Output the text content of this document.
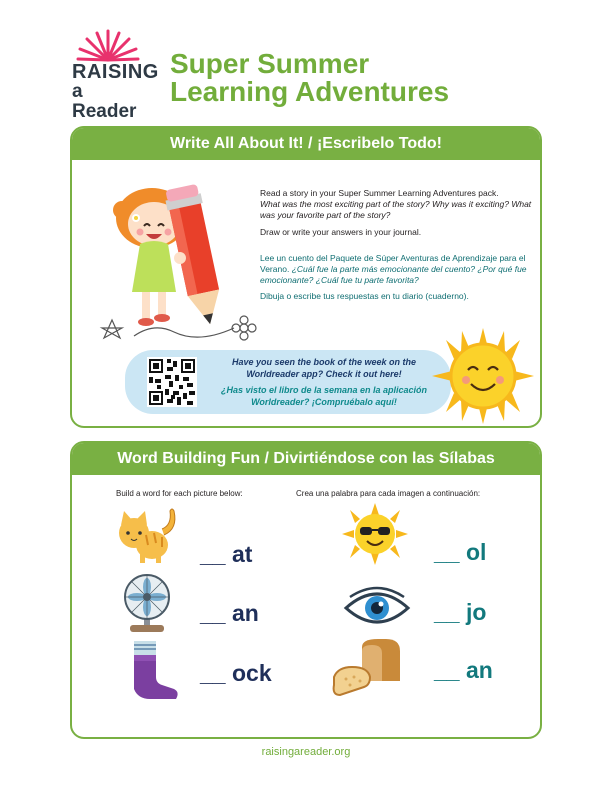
RAISING
a Reader
Super Summer
Learning Adventures
Write All About It! / ¡Escribelo Todo!

Read a story in your Super Summer Learning Adventures pack.
What was the most exciting part of the story? Why was it exciting? What was your favorite part of the story?

Draw or write your answers in your journal.

Lee un cuento del Paquete de Súper Aventuras de Aprendizaje para el Verano. ¿Cuál fue la parte más emocionante del cuento? ¿Por qué fue emocionante? ¿Cuál fue tu parte favorita?

Dibuja o escribe tus respuestas en tu diario (cuaderno).

Have you seen the book of the week on the Worldreader app? Check it out here!
¿Has visto el libro de la semana en la aplicación Worldreader? ¡Compruébalo aquí!
Word Building Fun / Divirtiéndose con las Sílabas
Build a word for each picture below:	Crea una palabra para cada imagen a continuación:
__ at
__ an
__ ock
__ ol
__ jo
__ an
raisingareader.org
